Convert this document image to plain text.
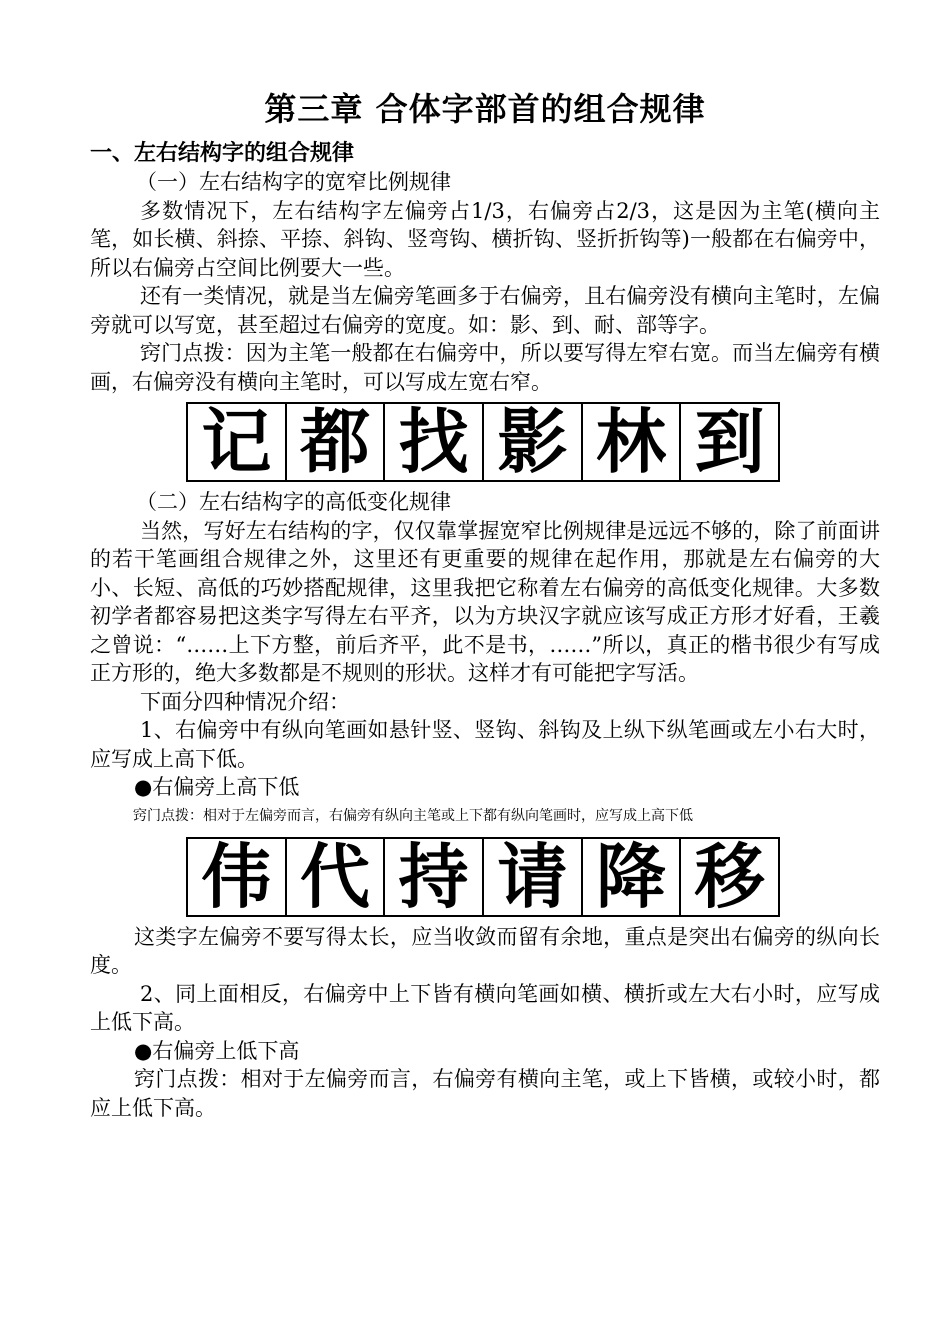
第三章 合体字部首的组合规律

一、左右结构字的组合规律

（一）左右结构字的宽窄比例规律

多数情况下，左右结构字左偏旁占1/3，右偏旁占2/3，这是因为主笔(横向主笔，如长横、斜捺、平捺、斜钩、竖弯钩、横折钩、竖折折钩等)一般都在右偏旁中，所以右偏旁占空间比例要大一些。

还有一类情况，就是当左偏旁笔画多于右偏旁，且右偏旁没有横向主笔时，左偏旁就可以写宽，甚至超过右偏旁的宽度。如：影、到、耐、部等字。

窍门点拨：因为主笔一般都在右偏旁中，所以要写得左窄右宽。而当左偏旁有横画，右偏旁没有横向主笔时，可以写成左宽右窄。

记 都 找 影 林 到

（二）左右结构字的高低变化规律

当然，写好左右结构的字，仅仅靠掌握宽窄比例规律是远远不够的，除了前面讲的若干笔画组合规律之外，这里还有更重要的规律在起作用，那就是左右偏旁的大小、长短、高低的巧妙搭配规律，这里我把它称着左右偏旁的高低变化规律。大多数初学者都容易把这类字写得左右平齐，以为方块汉字就应该写成正方形才好看，王羲之曾说：“……上下方整，前后齐平，此不是书，……”所以，真正的楷书很少有写成正方形的，绝大多数都是不规则的形状。这样才有可能把字写活。

下面分四种情况介绍：

1、右偏旁中有纵向笔画如悬针竖、竖钩、斜钩及上纵下纵笔画或左小右大时，应写成上高下低。

●右偏旁上高下低

窍门点拨：相对于左偏旁而言，右偏旁有纵向主笔或上下都有纵向笔画时，应写成上高下低

伟 代 持 请 降 移

这类字左偏旁不要写得太长，应当收敛而留有余地，重点是突出右偏旁的纵向长度。

2、同上面相反，右偏旁中上下皆有横向笔画如横、横折或左大右小时，应写成上低下高。

●右偏旁上低下高

窍门点拨：相对于左偏旁而言，右偏旁有横向主笔，或上下皆横，或较小时，都应上低下高。
